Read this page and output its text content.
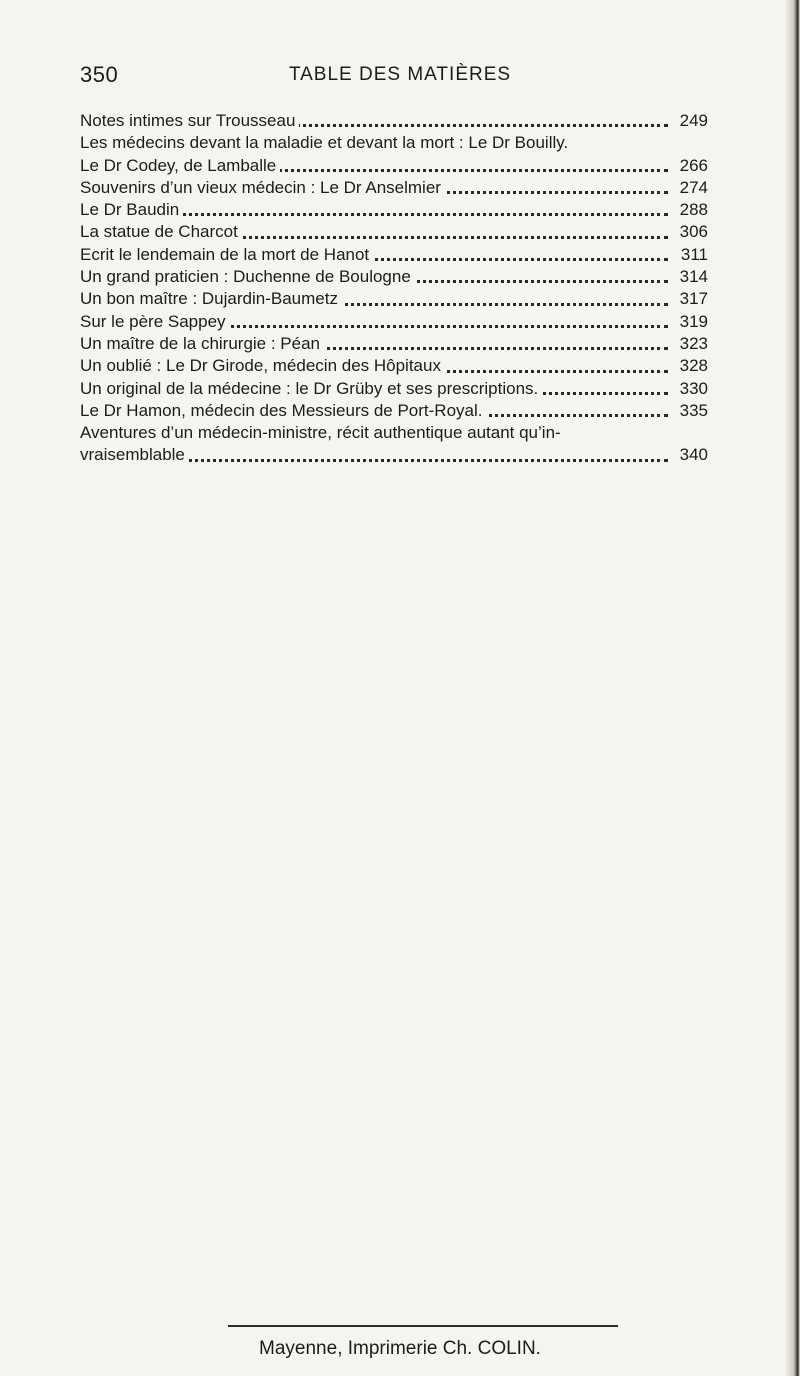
350	TABLE DES MATIÈRES
Notes intimes sur Trousseau	249
Les médecins devant la maladie et devant la mort : Le Dr Bouilly.
Le Dr Codey, de Lamballe	266
Souvenirs d’un vieux médecin : Le Dr Anselmier	274
Le Dr Baudin	288
La statue de Charcot	306
Ecrit le lendemain de la mort de Hanot	311
Un grand praticien : Duchenne de Boulogne	314
Un bon maître : Dujardin-Baumetz	317
Sur le père Sappey	319
Un maître de la chirurgie : Péan	323
Un oublié : Le Dr Girode, médecin des Hôpitaux	328
Un original de la médecine : le Dr Grüby et ses prescriptions.	330
Le Dr Hamon, médecin des Messieurs de Port-Royal.	335
Aventures d’un médecin-ministre, récit authentique autant qu’in-
vraisemblable	340
Mayenne, Imprimerie Ch. COLIN.
